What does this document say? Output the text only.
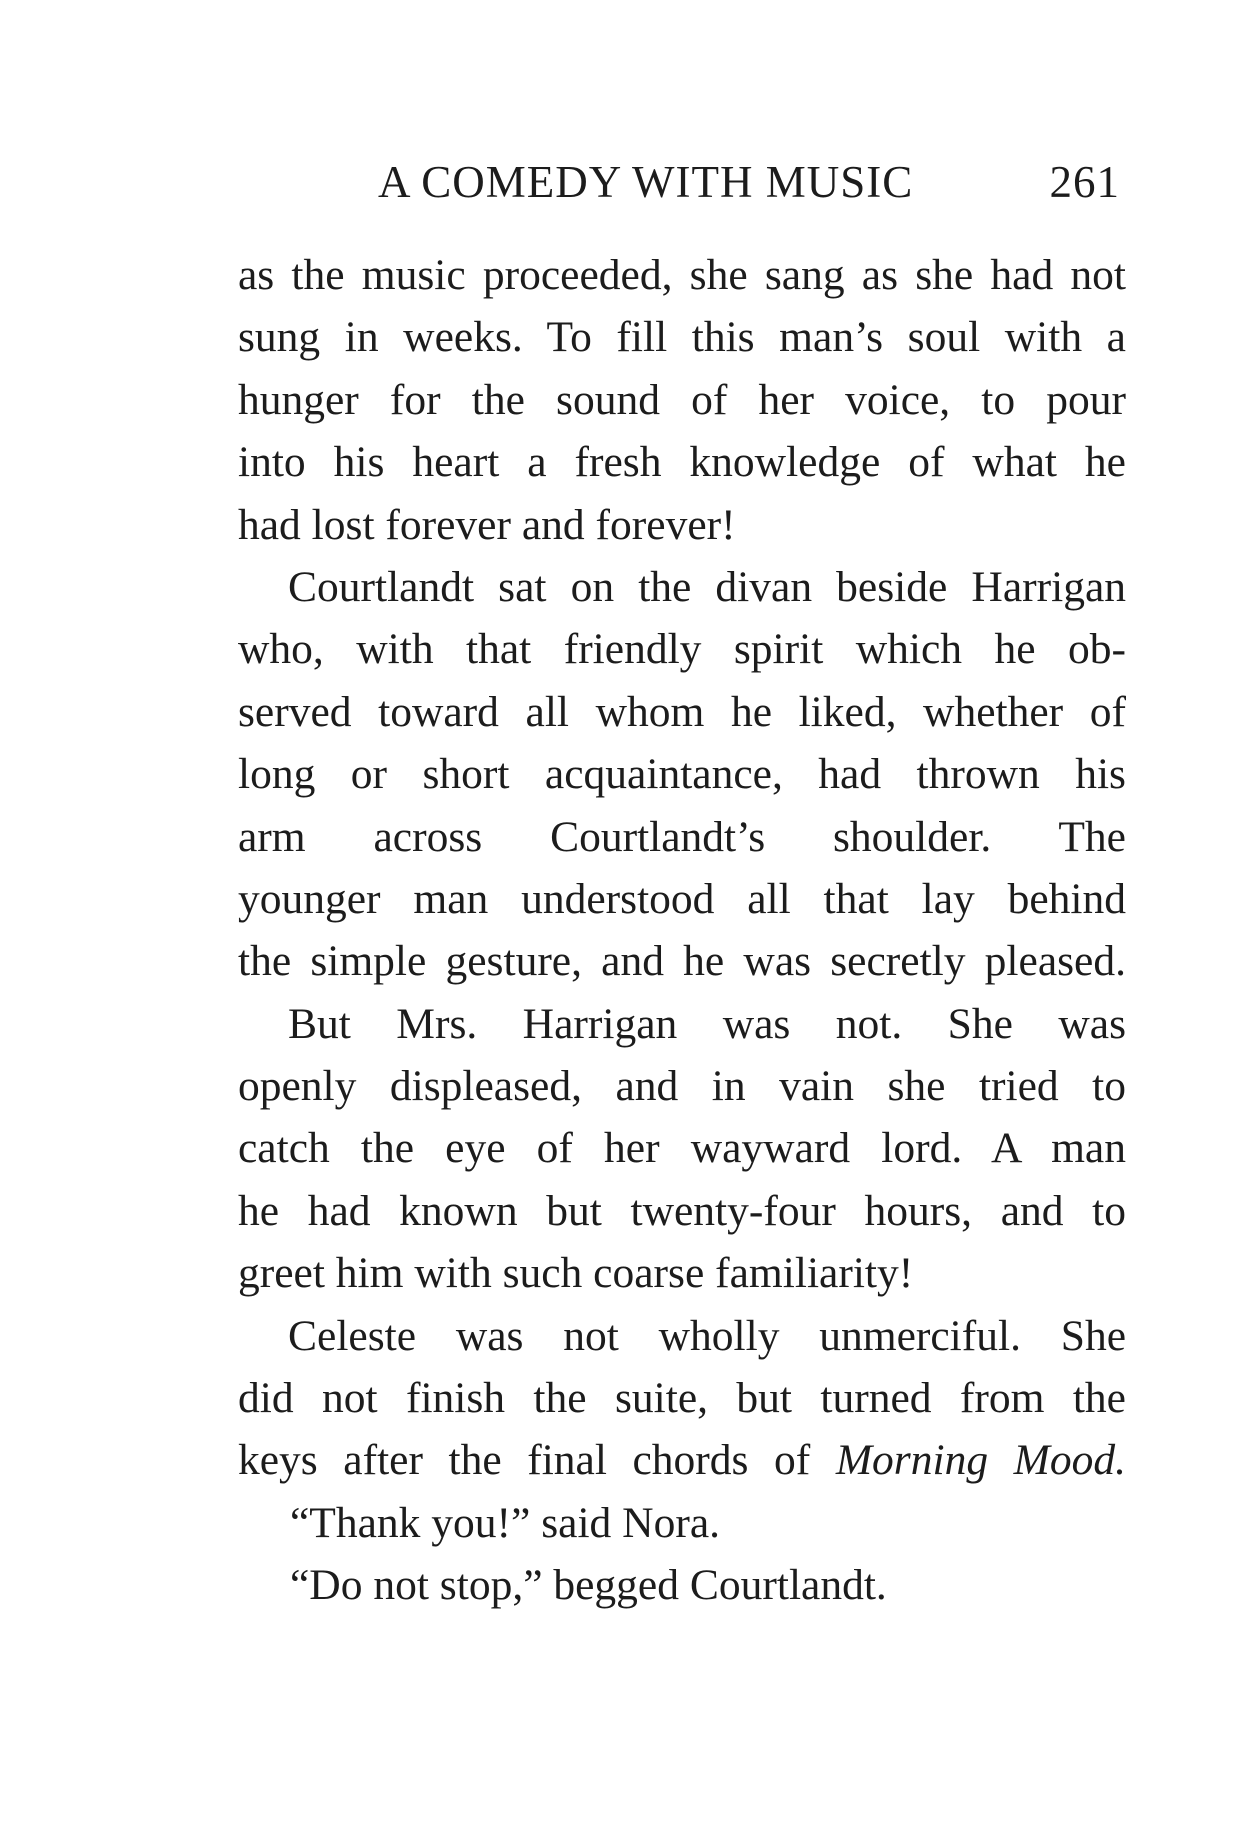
A COMEDY WITH MUSIC	261
as the music proceeded, she sang as she had not
sung in weeks. To fill this man’s soul with a
hunger for the sound of her voice, to pour
into his heart a fresh knowledge of what he
had lost forever and forever!
Courtlandt sat on the divan beside Harrigan
who, with that friendly spirit which he ob-
served toward all whom he liked, whether of
long or short acquaintance, had thrown his
arm across Courtlandt’s shoulder. The
younger man understood all that lay behind
the simple gesture, and he was secretly pleased.
But Mrs. Harrigan was not. She was
openly displeased, and in vain she tried to
catch the eye of her wayward lord. A man
he had known but twenty-four hours, and to
greet him with such coarse familiarity!
Celeste was not wholly unmerciful. She
did not finish the suite, but turned from the
keys after the final chords of Morning Mood.
“Thank you!” said Nora.
“Do not stop,” begged Courtlandt.
